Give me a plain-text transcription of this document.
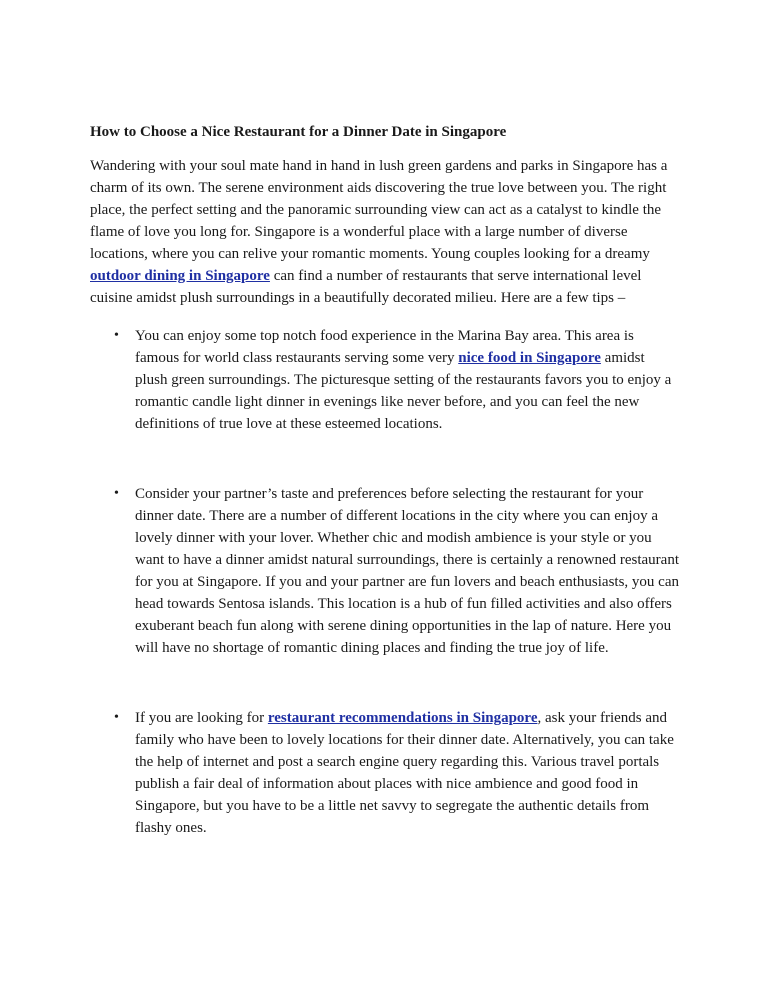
How to Choose a Nice Restaurant for a Dinner Date in Singapore

Wandering with your soul mate hand in hand in lush green gardens and parks in Singapore has a charm of its own. The serene environment aids discovering the true love between you. The right place, the perfect setting and the panoramic surrounding view can act as a catalyst to kindle the flame of love you long for. Singapore is a wonderful place with a large number of diverse locations, where you can relive your romantic moments. Young couples looking for a dreamy outdoor dining in Singapore can find a number of restaurants that serve international level cuisine amidst plush surroundings in a beautifully decorated milieu. Here are a few tips –

• You can enjoy some top notch food experience in the Marina Bay area. This area is famous for world class restaurants serving some very nice food in Singapore amidst plush green surroundings. The picturesque setting of the restaurants favors you to enjoy a romantic candle light dinner in evenings like never before, and you can feel the new definitions of true love at these esteemed locations.
• Consider your partner’s taste and preferences before selecting the restaurant for your dinner date. There are a number of different locations in the city where you can enjoy a lovely dinner with your lover. Whether chic and modish ambience is your style or you want to have a dinner amidst natural surroundings, there is certainly a renowned restaurant for you at Singapore. If you and your partner are fun lovers and beach enthusiasts, you can head towards Sentosa islands. This location is a hub of fun filled activities and also offers exuberant beach fun along with serene dining opportunities in the lap of nature. Here you will have no shortage of romantic dining places and finding the true joy of life.
• If you are looking for restaurant recommendations in Singapore, ask your friends and family who have been to lovely locations for their dinner date. Alternatively, you can take the help of internet and post a search engine query regarding this. Various travel portals publish a fair deal of information about places with nice ambience and good food in Singapore, but you have to be a little net savvy to segregate the authentic details from flashy ones.
